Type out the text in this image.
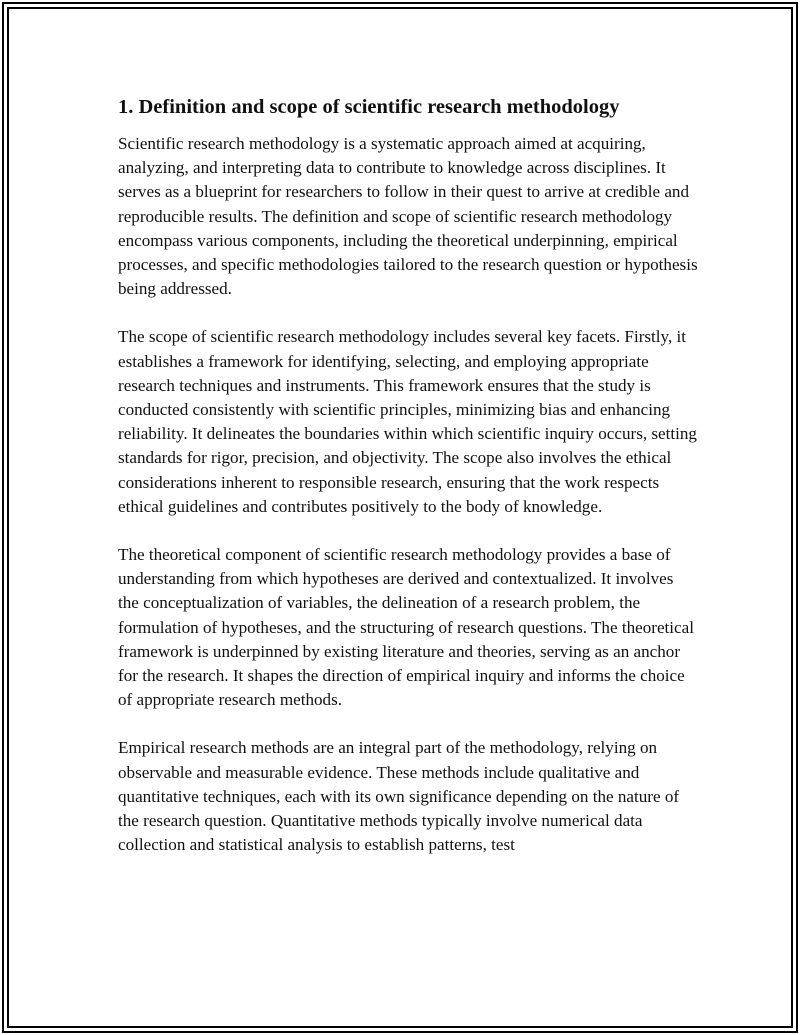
1. Definition and scope of scientific research methodology

Scientific research methodology is a systematic approach aimed at acquiring, analyzing, and interpreting data to contribute to knowledge across disciplines. It serves as a blueprint for researchers to follow in their quest to arrive at credible and reproducible results. The definition and scope of scientific research methodology encompass various components, including the theoretical underpinning, empirical processes, and specific methodologies tailored to the research question or hypothesis being addressed.

The scope of scientific research methodology includes several key facets. Firstly, it establishes a framework for identifying, selecting, and employing appropriate research techniques and instruments. This framework ensures that the study is conducted consistently with scientific principles, minimizing bias and enhancing reliability. It delineates the boundaries within which scientific inquiry occurs, setting standards for rigor, precision, and objectivity. The scope also involves the ethical considerations inherent to responsible research, ensuring that the work respects ethical guidelines and contributes positively to the body of knowledge.

The theoretical component of scientific research methodology provides a base of understanding from which hypotheses are derived and contextualized. It involves the conceptualization of variables, the delineation of a research problem, the formulation of hypotheses, and the structuring of research questions. The theoretical framework is underpinned by existing literature and theories, serving as an anchor for the research. It shapes the direction of empirical inquiry and informs the choice of appropriate research methods.

Empirical research methods are an integral part of the methodology, relying on observable and measurable evidence. These methods include qualitative and quantitative techniques, each with its own significance depending on the nature of the research question. Quantitative methods typically involve numerical data collection and statistical analysis to establish patterns, test
